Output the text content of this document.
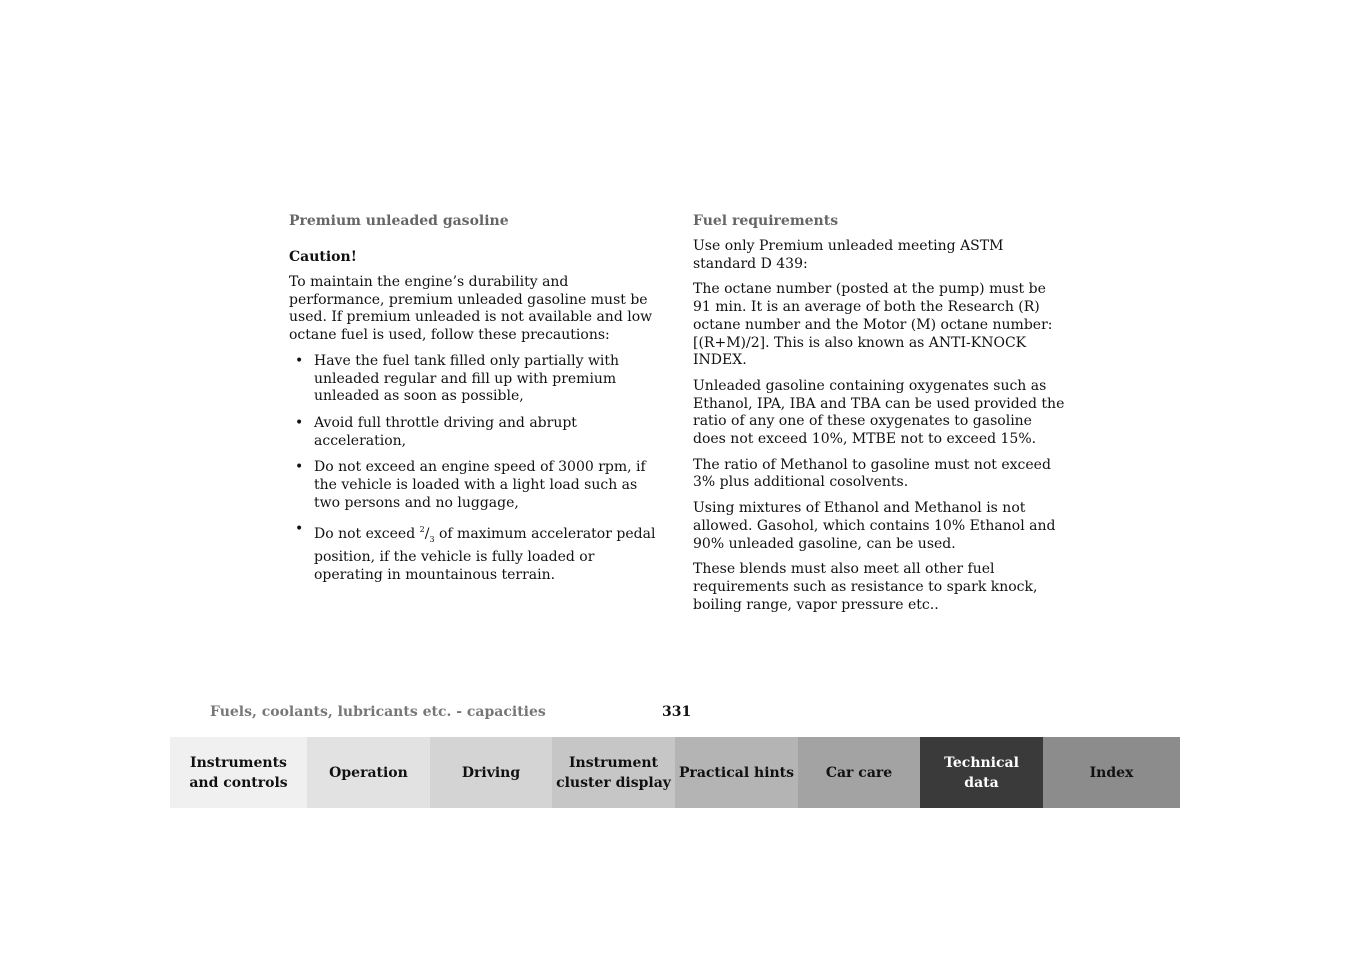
Premium unleaded gasoline
Caution!

To maintain the engine’s durability and performance, premium unleaded gasoline must be used. If premium unleaded is not available and low octane fuel is used, follow these precautions:

• Have the fuel tank filled only partially with unleaded regular and fill up with premium unleaded as soon as possible,
• Avoid full throttle driving and abrupt acceleration,
• Do not exceed an engine speed of 3000 rpm, if the vehicle is loaded with a light load such as two persons and no luggage,
• Do not exceed $^2/_3$ of maximum accelerator pedal position, if the vehicle is fully loaded or operating in mountainous terrain.
Fuel requirements

Use only Premium unleaded meeting ASTM standard D 439:

The octane number (posted at the pump) must be 91 min. It is an average of both the Research (R) octane number and the Motor (M) octane number: [(R+M)/2]. This is also known as ANTI-KNOCK INDEX.

Unleaded gasoline containing oxygenates such as Ethanol, IPA, IBA and TBA can be used provided the ratio of any one of these oxygenates to gasoline does not exceed 10%, MTBE not to exceed 15%.

The ratio of Methanol to gasoline must not exceed 3% plus additional cosolvents.

Using mixtures of Ethanol and Methanol is not allowed. Gasohol, which contains 10% Ethanol and 90% unleaded gasoline, can be used.

These blends must also meet all other fuel requirements such as resistance to spark knock, boiling range, vapor pressure etc..

Fuels, coolants, lubricants etc. - capacities	331
Instruments
and controls
Operation	Driving
Instrument
cluster display
Practical hints Car care
Technical
data
Index
